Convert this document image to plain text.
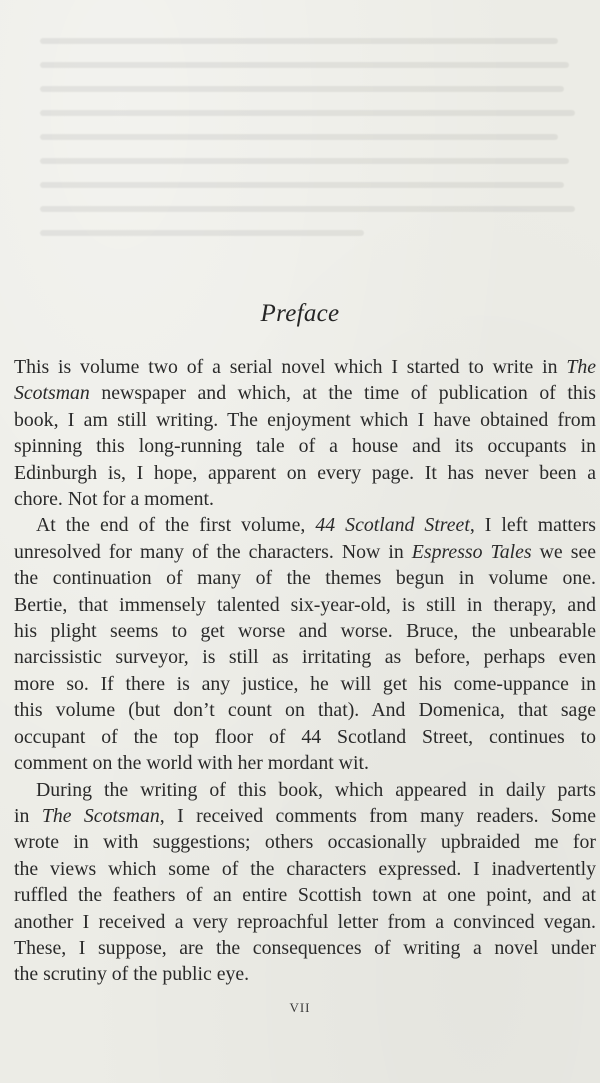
Preface

This is volume two of a serial novel which I started to write in The
Scotsman newspaper and which, at the time of publication of this
book, I am still writing. The enjoyment which I have obtained from
spinning this long-running tale of a house and its occupants in
Edinburgh is, I hope, apparent on every page. It has never been a
chore. Not for a moment.

At the end of the first volume, 44 Scotland Street, I left matters
unresolved for many of the characters. Now in Espresso Tales we see
the continuation of many of the themes begun in volume one.
Bertie, that immensely talented six-year-old, is still in therapy, and
his plight seems to get worse and worse. Bruce, the unbearable
narcissistic surveyor, is still as irritating as before, perhaps even
more so. If there is any justice, he will get his come-uppance in
this volume (but don’t count on that). And Domenica, that sage
occupant of the top floor of 44 Scotland Street, continues to
comment on the world with her mordant wit.

During the writing of this book, which appeared in daily parts
in The Scotsman, I received comments from many readers. Some
wrote in with suggestions; others occasionally upbraided me for
the views which some of the characters expressed. I inadvertently
ruffled the feathers of an entire Scottish town at one point, and at
another I received a very reproachful letter from a convinced vegan.
These, I suppose, are the consequences of writing a novel under
the scrutiny of the public eye.

VII
